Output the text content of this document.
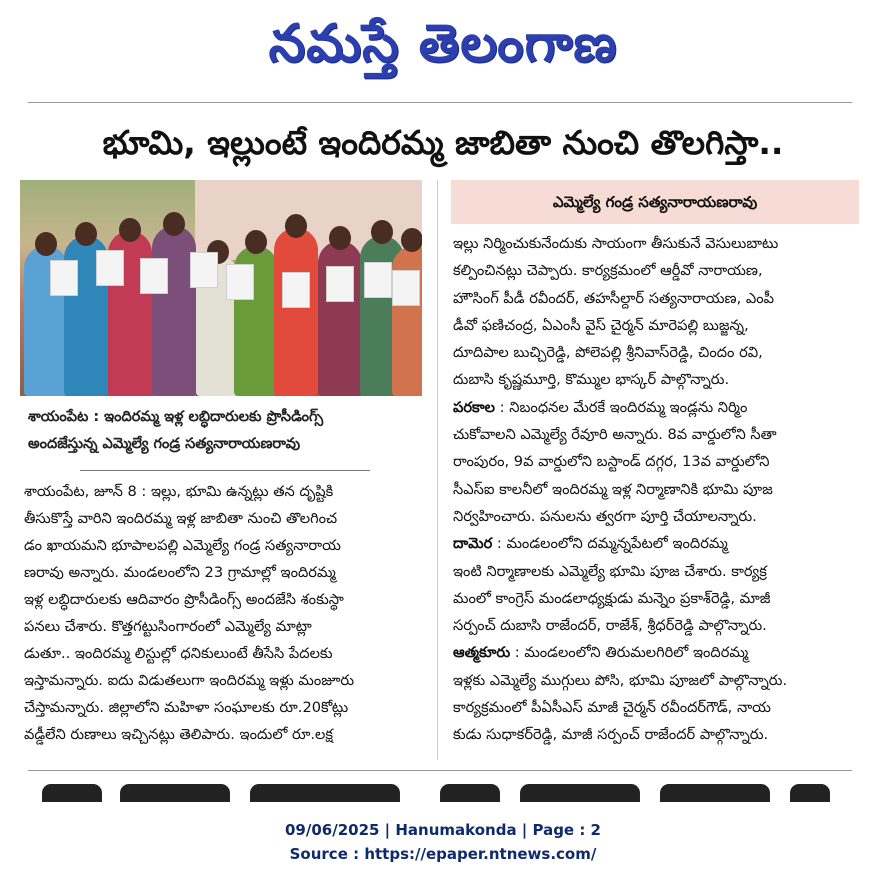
నమస్తే తెలంగాణ
భూమి, ఇల్లుంటే ఇందిరమ్మ జాబితా నుంచి తొలగిస్తా..
శాయంపేట : ఇందిరమ్మ ఇళ్ల లబ్ధిదారులకు ప్రొసీడింగ్స్
అందజేస్తున్న ఎమ్మెల్యే గండ్ర సత్యనారాయణరావు
శాయంపేట, జూన్ 8 : ఇల్లు, భూమి ఉన్నట్లు తన దృష్టికి
తీసుకొస్తే వారిని ఇందిరమ్మ ఇళ్ల జాబితా నుంచి తొలగించ
డం ఖాయమని భూపాలపల్లి ఎమ్మెల్యే గండ్ర సత్యనారాయ
ణరావు అన్నారు. మండలంలోని 23 గ్రామాల్లో ఇందిరమ్మ
ఇళ్ల లబ్ధిదారులకు ఆదివారం ప్రొసీడింగ్స్ అందజేసి శంకుస్థా
పనలు చేశారు. కొత్తగట్టుసింగారంలో ఎమ్మెల్యే మాట్లా
డుతూ.. ఇందిరమ్మ లిస్టుల్లో ధనికులుంటే తీసేసి పేదలకు
ఇస్తామన్నారు. ఐదు విడుతలుగా ఇందిరమ్మ ఇళ్లు మంజూరు
చేస్తామన్నారు. జిల్లాలోని మహిళా సంఘాలకు రూ.20కోట్లు
వడ్డీలేని రుణాలు ఇచ్చినట్లు తెలిపారు. ఇందులో రూ.లక్ష
ఎమ్మెల్యే గండ్ర సత్యనారాయణరావు
ఇల్లు నిర్మించుకునేందుకు సాయంగా తీసుకునే వెసులుబాటు
కల్పించినట్లు చెప్పారు. కార్యక్రమంలో ఆర్డీవో నారాయణ,
హౌసింగ్ పీడీ రవీందర్, తహసీల్దార్ సత్యనారాయణ, ఎంపీ
డీవో ఫణిచంద్ర, ఏఎంసీ వైస్ చైర్మన్ మారెపల్లి బుజ్జన్న,
దూదిపాల బుచ్చిరెడ్డి, పోలెపల్లి శ్రీనివాస్‌రెడ్డి, చిందం రవి,
దుబాసి కృష్ణమూర్తి, కొమ్ముల భాస్కర్ పాల్గొన్నారు.
పరకాల : నిబంధనల మేరకే ఇందిరమ్మ ఇండ్లను నిర్మిం
చుకోవాలని ఎమ్మెల్యే రేవూరి అన్నారు. 8వ వార్డులోని సీతా
రాంపురం, 9వ వార్డులోని బస్టాండ్ దగ్గర, 13వ వార్డులోని
సీఎస్ఐ కాలనీలో ఇందిరమ్మ ఇళ్ల నిర్మాణానికి భూమి పూజ
నిర్వహించారు. పనులను త్వరగా పూర్తి చేయాలన్నారు.
దామెర : మండలంలోని దమ్మన్నపేటలో ఇందిరమ్మ
ఇంటి నిర్మాణాలకు ఎమ్మెల్యే భూమి పూజ చేశారు. కార్యక్ర
మంలో కాంగ్రెస్ మండలాధ్యక్షుడు మన్నెం ప్రకాశ్‌రెడ్డి, మాజీ
సర్పంచ్ దుబాసి రాజేందర్, రాజేశ్, శ్రీధర్‌రెడ్డి పాల్గొన్నారు.
ఆత్మకూరు : మండలంలోని తిరుమలగిరిలో ఇందిరమ్మ
ఇళ్లకు ఎమ్మెల్యే ముగ్గులు పోసి, భూమి పూజలో పాల్గొన్నారు.
కార్యక్రమంలో పీఏసీఎస్ మాజీ చైర్మన్ రవీందర్‌గౌడ్, నాయ
కుడు సుధాకర్‌రెడ్డి, మాజీ సర్పంచ్ రాజేందర్ పాల్గొన్నారు.
09/06/2025 | Hanumakonda | Page : 2
Source : https://epaper.ntnews.com/
